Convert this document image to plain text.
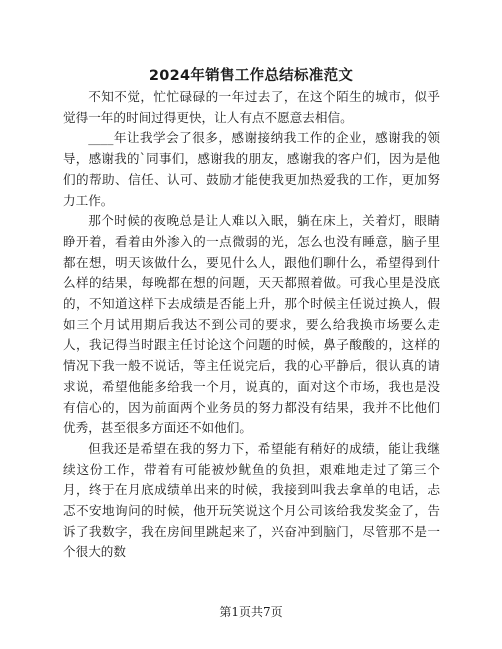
2024年销售工作总结标准范文

不知不觉，忙忙碌碌的一年过去了，在这个陌生的城市，似乎觉得一年的时间过得更快，让人有点不愿意去相信。

____年让我学会了很多，感谢接纳我工作的企业，感谢我的领导，感谢我的`同事们，感谢我的朋友，感谢我的客户们，因为是他们的帮助、信任、认可、鼓励才能使我更加热爱我的工作，更加努力工作。

那个时候的夜晚总是让人难以入眠，躺在床上，关着灯，眼睛睁开着，看着由外渗入的一点微弱的光，怎么也没有睡意，脑子里都在想，明天该做什么，要见什么人，跟他们聊什么，希望得到什么样的结果，每晚都在想的问题，天天都照着做。可我心里是没底的，不知道这样下去成绩是否能上升，那个时候主任说过换人，假如三个月试用期后我达不到公司的要求，要么给我换市场要么走人，我记得当时跟主任讨论这个问题的时候，鼻子酸酸的，这样的情况下我一般不说话，等主任说完后，我的心平静后，很认真的请求说，希望他能多给我一个月，说真的，面对这个市场，我也是没有信心的，因为前面两个业务员的努力都没有结果，我并不比他们优秀，甚至很多方面还不如他们。

但我还是希望在我的努力下，希望能有稍好的成绩，能让我继续这份工作，带着有可能被炒鱿鱼的负担，艰难地走过了第三个月，终于在月底成绩单出来的时候，我接到叫我去拿单的电话，忐忑不安地询问的时候，他开玩笑说这个月公司该给我发奖金了，告诉了我数字，我在房间里跳起来了，兴奋冲到脑门，尽管那不是一个很大的数

第1页共7页
